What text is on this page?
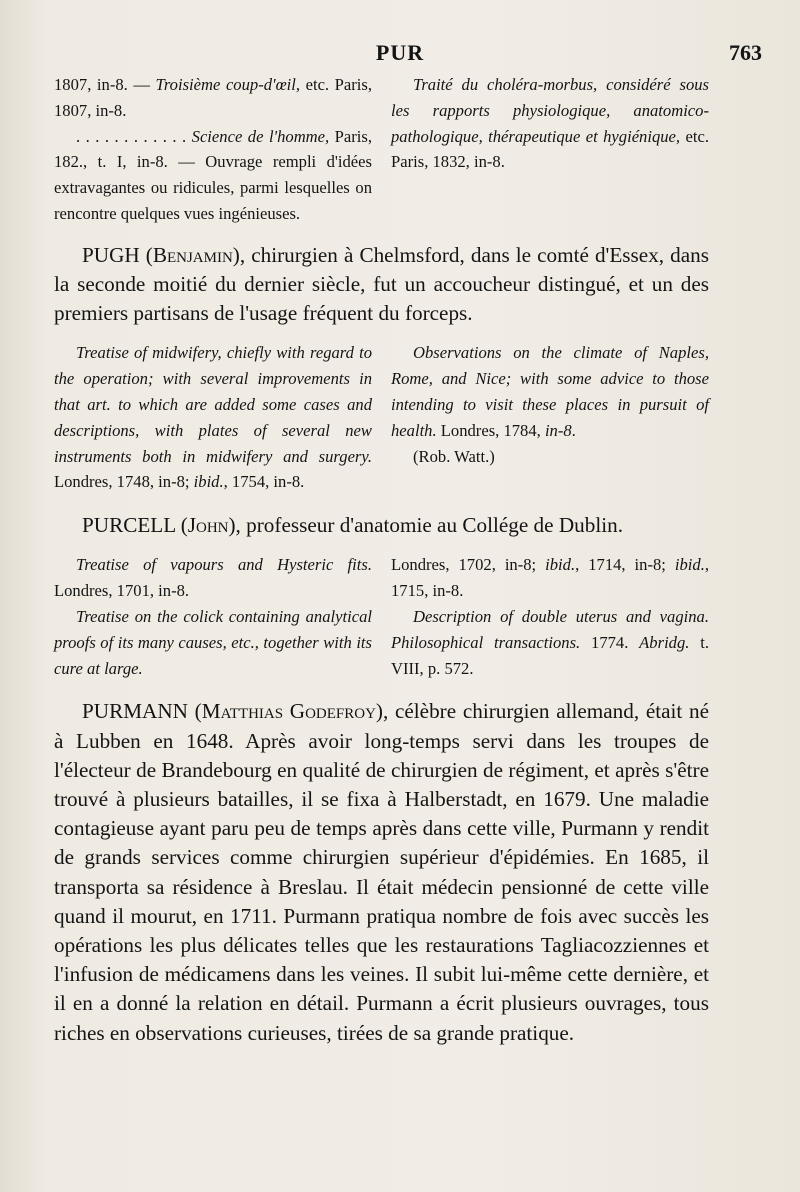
PUR	763

1807, in-8. — Troisième coup-d'œil, etc. Paris, 1807, in-8.

. . . . . . . . . . . . Science de l'homme, Paris, 182., t. I, in-8. — Ouvrage rempli d'idées extravagantes ou ridicules, parmi lesquelles on rencontre quelques vues ingénieuses.

Traité du choléra-morbus, considéré sous les rapports physiologique, anatomico-pathologique, thérapeutique et hygiénique, etc. Paris, 1832, in-8.

PUGH (Benjamin), chirurgien à Chelmsford, dans le comté d'Essex, dans la seconde moitié du dernier siècle, fut un accoucheur distingué, et un des premiers partisans de l'usage fréquent du forceps.

Treatise of midwifery, chiefly with regard to the operation; with several improvements in that art. to which are added some cases and descriptions, with plates of several new instruments both in midwifery and surgery. Londres, 1748, in-8; ibid., 1754, in-8.

Observations on the climate of Naples, Rome, and Nice; with some advice to those intending to visit these places in pursuit of health. Londres, 1784, in-8.

(Rob. Watt.)

PURCELL (John), professeur d'anatomie au Collége de Dublin.

Treatise of vapours and Hysteric fits. Londres, 1701, in-8.

Treatise on the colick containing analytical proofs of its many causes, etc., together with its cure at large.

Londres, 1702, in-8; ibid., 1714, in-8; ibid., 1715, in-8.

Description of double uterus and vagina. Philosophical transactions. 1774. Abridg. t. VIII, p. 572.

PURMANN (Matthias Godefroy), célèbre chirurgien allemand, était né à Lubben en 1648. Après avoir long-temps servi dans les troupes de l'électeur de Brandebourg en qualité de chirurgien de régiment, et après s'être trouvé à plusieurs batailles, il se fixa à Halberstadt, en 1679. Une maladie contagieuse ayant paru peu de temps après dans cette ville, Purmann y rendit de grands services comme chirurgien supérieur d'épidémies. En 1685, il transporta sa résidence à Breslau. Il était médecin pensionné de cette ville quand il mourut, en 1711. Purmann pratiqua nombre de fois avec succès les opérations les plus délicates telles que les restaurations Tagliacozziennes et l'infusion de médicamens dans les veines. Il subit lui-même cette dernière, et il en a donné la relation en détail. Purmann a écrit plusieurs ouvrages, tous riches en observations curieuses, tirées de sa grande pratique.
